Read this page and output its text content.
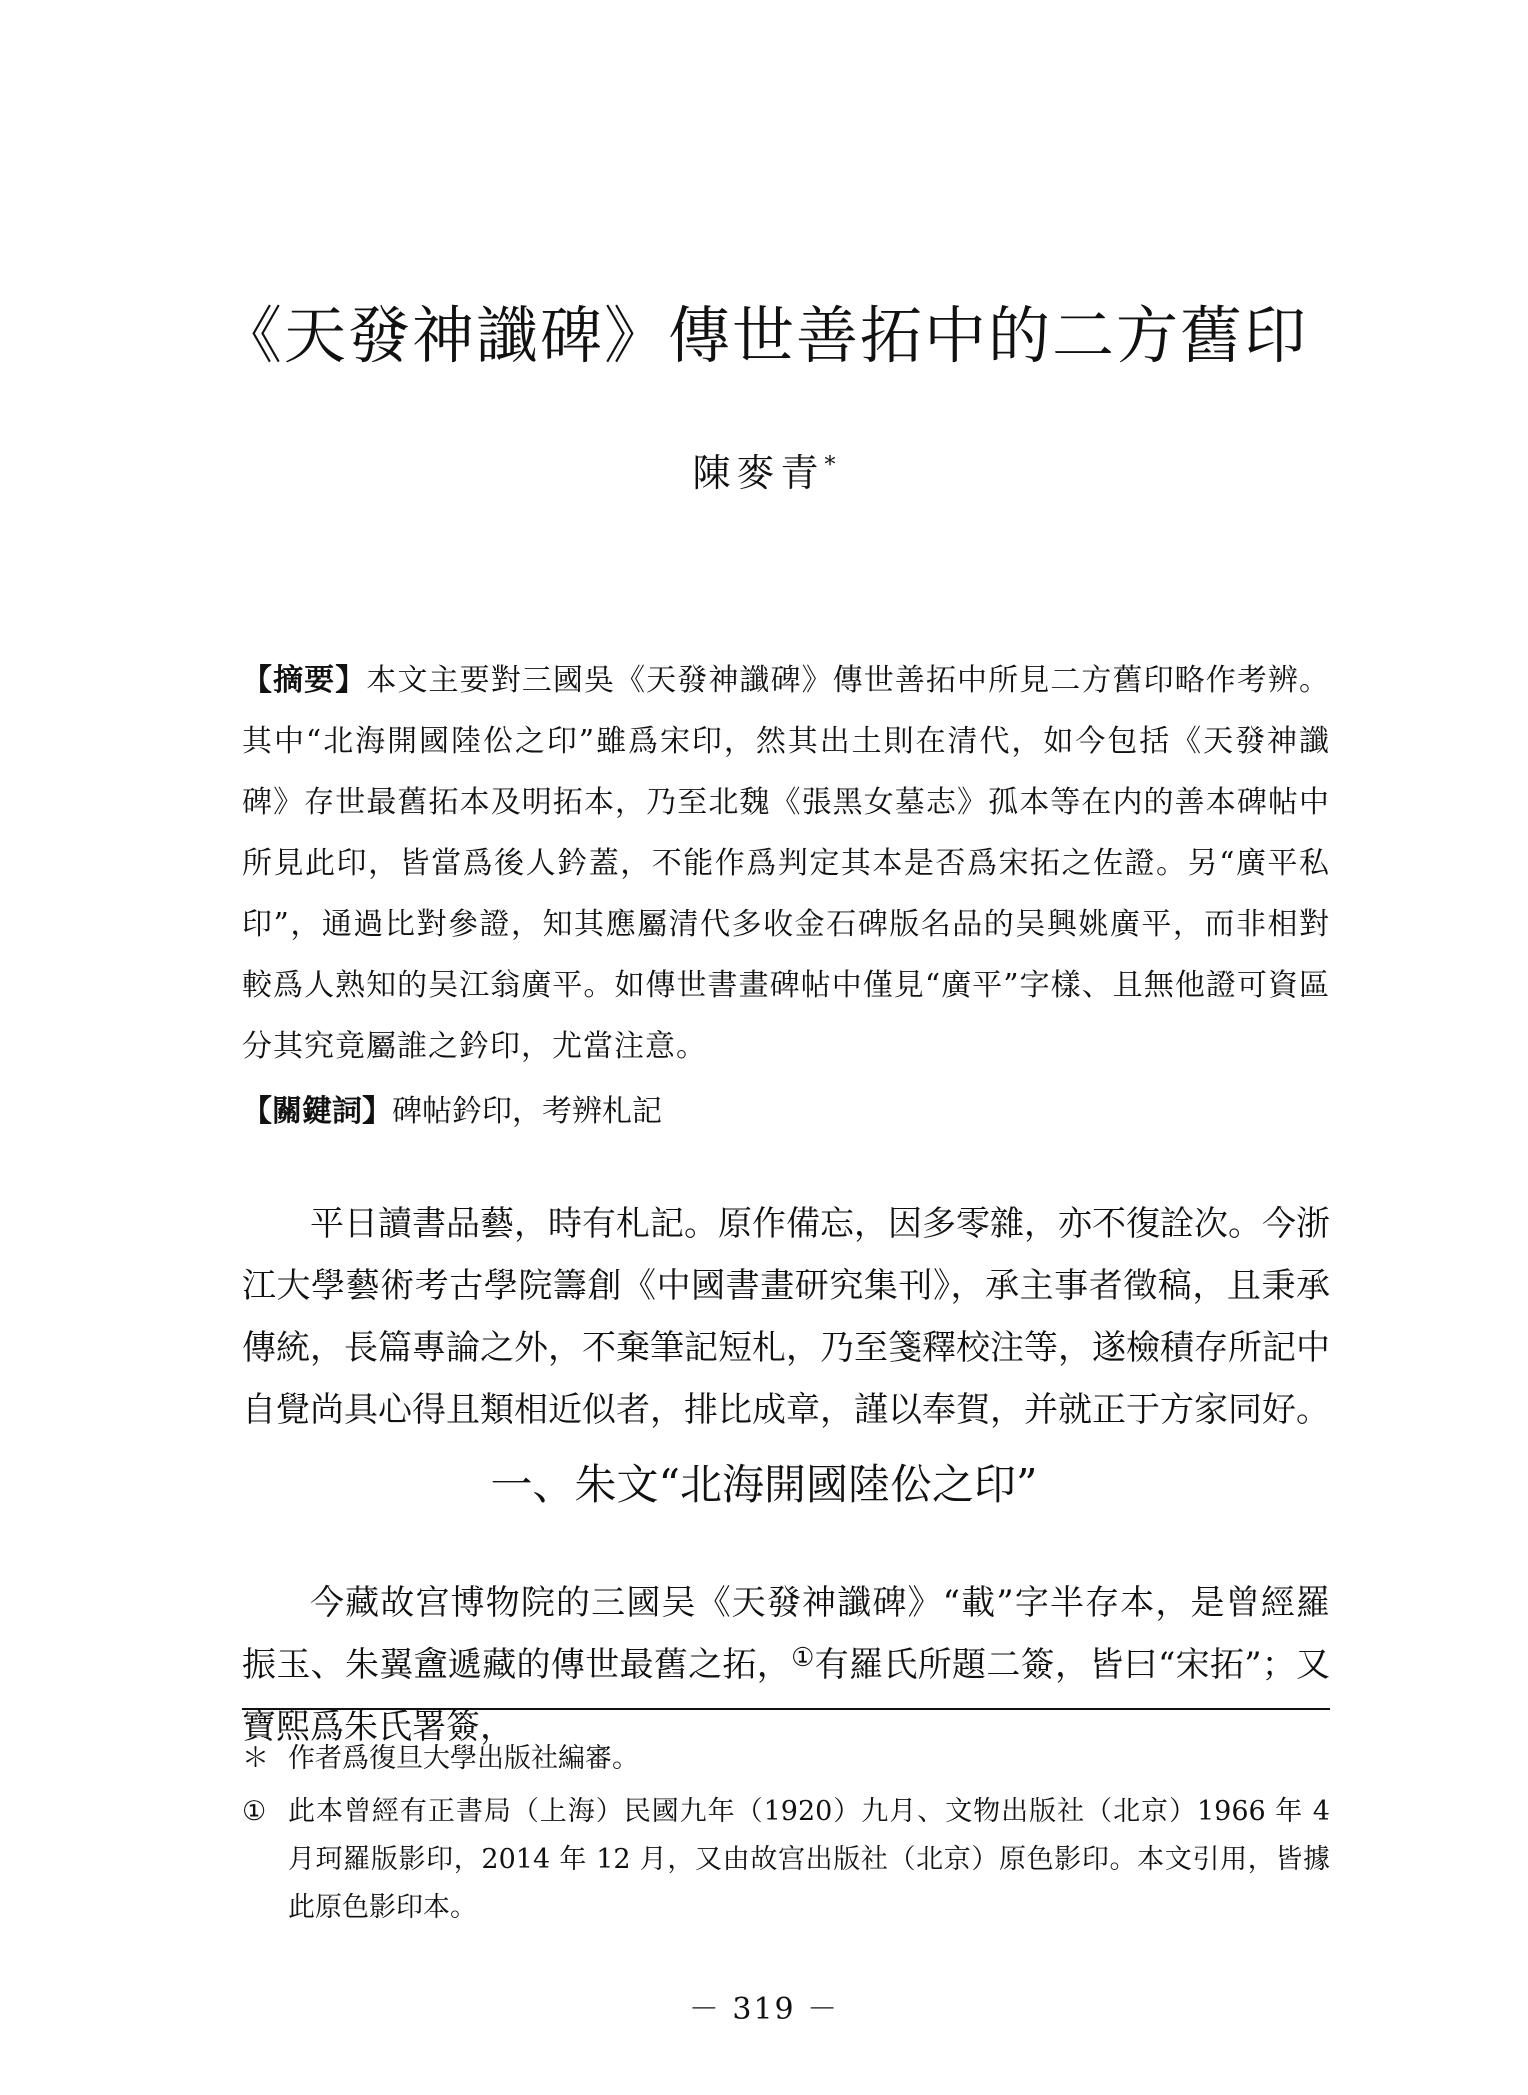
《天發神讖碑》傳世善拓中的二方舊印
陳麥青*

【摘要】本文主要對三國吳《天發神讖碑》傳世善拓中所見二方舊印略作考辨。其中“北海開國陸伀之印”雖爲宋印，然其出土則在清代，如今包括《天發神讖碑》存世最舊拓本及明拓本，乃至北魏《張黑女墓志》孤本等在内的善本碑帖中所見此印，皆當爲後人鈐蓋，不能作爲判定其本是否爲宋拓之佐證。另“廣平私印”，通過比對參證，知其應屬清代多收金石碑版名品的吴興姚廣平，而非相對較爲人熟知的吴江翁廣平。如傳世書畫碑帖中僅見“廣平”字樣、且無他證可資區分其究竟屬誰之鈐印，尤當注意。

【關鍵詞】碑帖鈐印，考辨札記

平日讀書品藝，時有札記。原作備忘，因多零雜，亦不復詮次。今浙江大學藝術考古學院籌創《中國書畫研究集刊》，承主事者徵稿，且秉承傳統，長篇專論之外，不棄筆記短札，乃至箋釋校注等，遂檢積存所記中自覺尚具心得且類相近似者，排比成章，謹以奉賀，并就正于方家同好。

一、朱文“北海開國陸伀之印”

今藏故宫博物院的三國吴《天發神讖碑》“載”字半存本，是曾經羅振玉、朱翼盦遞藏的傳世最舊之拓，①有羅氏所題二簽，皆曰“宋拓”；又寶熙爲朱氏署簽，

＊ 作者爲復旦大學出版社編審。
① 此本曾經有正書局（上海）民國九年（1920）九月、文物出版社（北京）1966 年 4 月珂羅版影印，2014 年 12 月，又由故宫出版社（北京）原色影印。本文引用，皆據此原色影印本。
－ 319 －
